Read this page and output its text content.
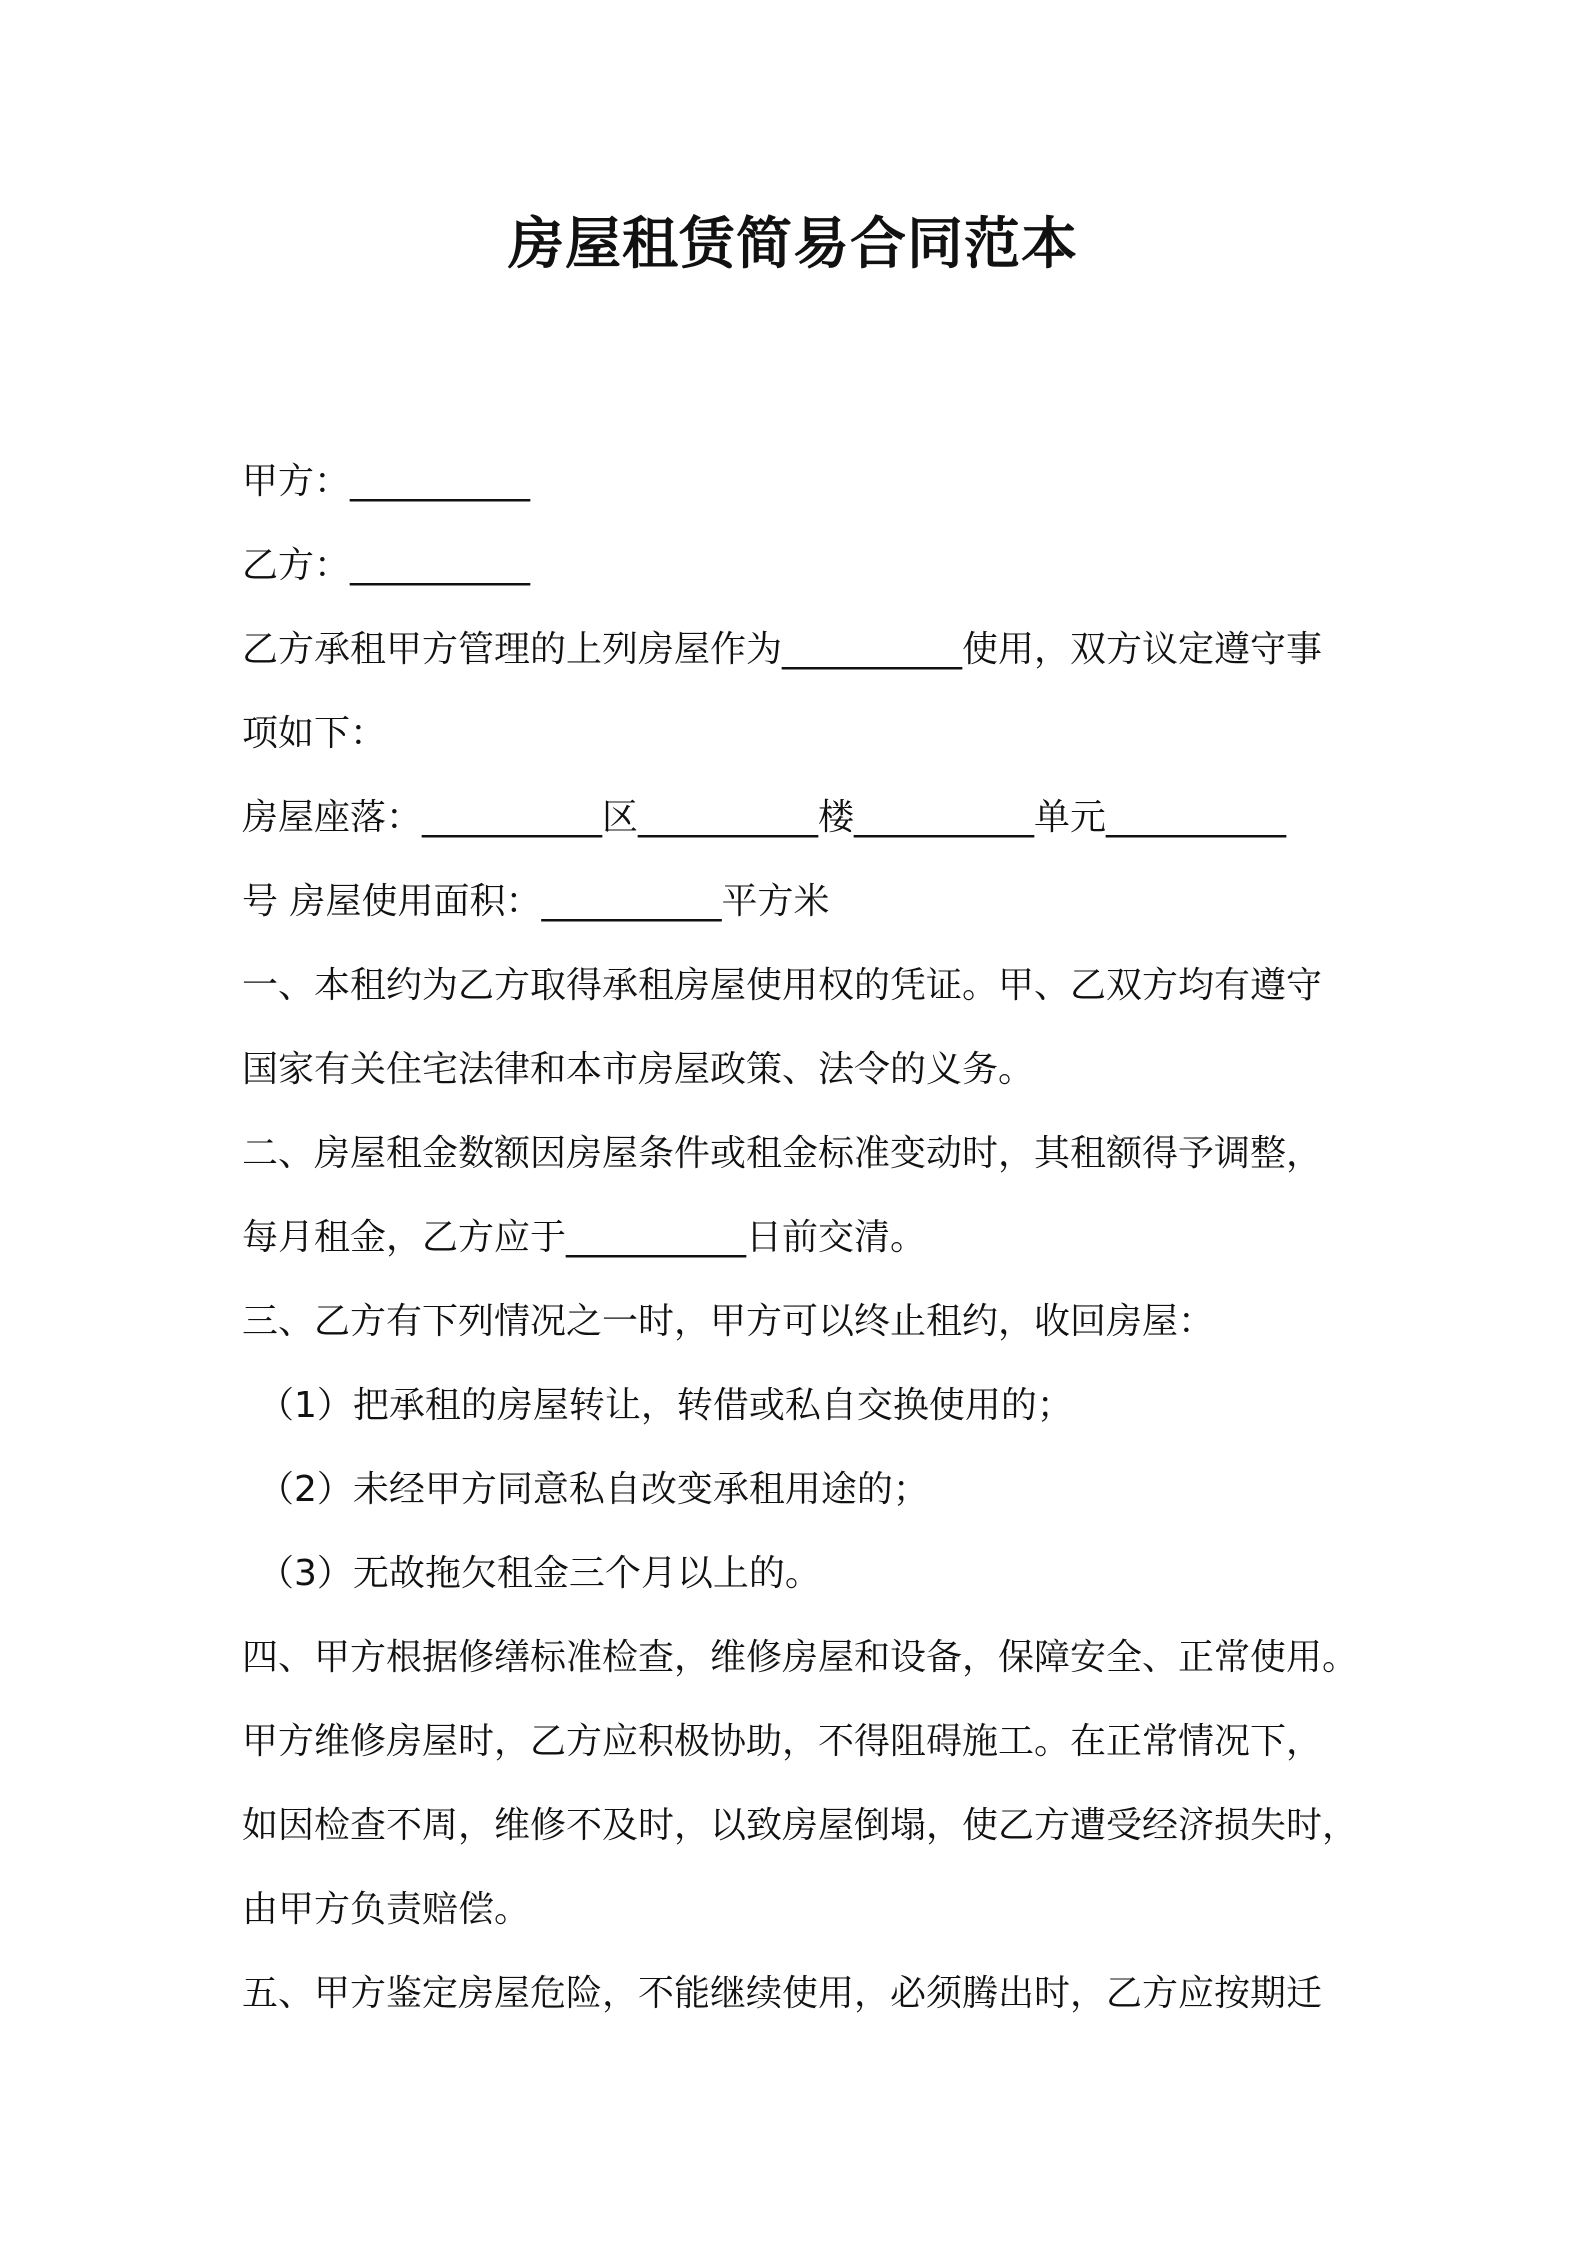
房屋租赁简易合同范本
甲方：__________
乙方：__________
乙方承租甲方管理的上列房屋作为__________使用，双方议定遵守事
项如下：
房屋座落：__________区__________楼__________单元__________
号 房屋使用面积：__________平方米
一、本租约为乙方取得承租房屋使用权的凭证。甲、乙双方均有遵守
国家有关住宅法律和本市房屋政策、法令的义务。
二、房屋租金数额因房屋条件或租金标准变动时，其租额得予调整，
每月租金，乙方应于__________日前交清。
三、乙方有下列情况之一时，甲方可以终止租约，收回房屋：
（1）把承租的房屋转让，转借或私自交换使用的；
（2）未经甲方同意私自改变承租用途的；
（3）无故拖欠租金三个月以上的。
四、甲方根据修缮标准检查，维修房屋和设备，保障安全、正常使用。
甲方维修房屋时，乙方应积极协助，不得阻碍施工。在正常情况下，
如因检查不周，维修不及时，以致房屋倒塌，使乙方遭受经济损失时，
由甲方负责赔偿。
五、甲方鉴定房屋危险，不能继续使用，必须腾出时，乙方应按期迁
